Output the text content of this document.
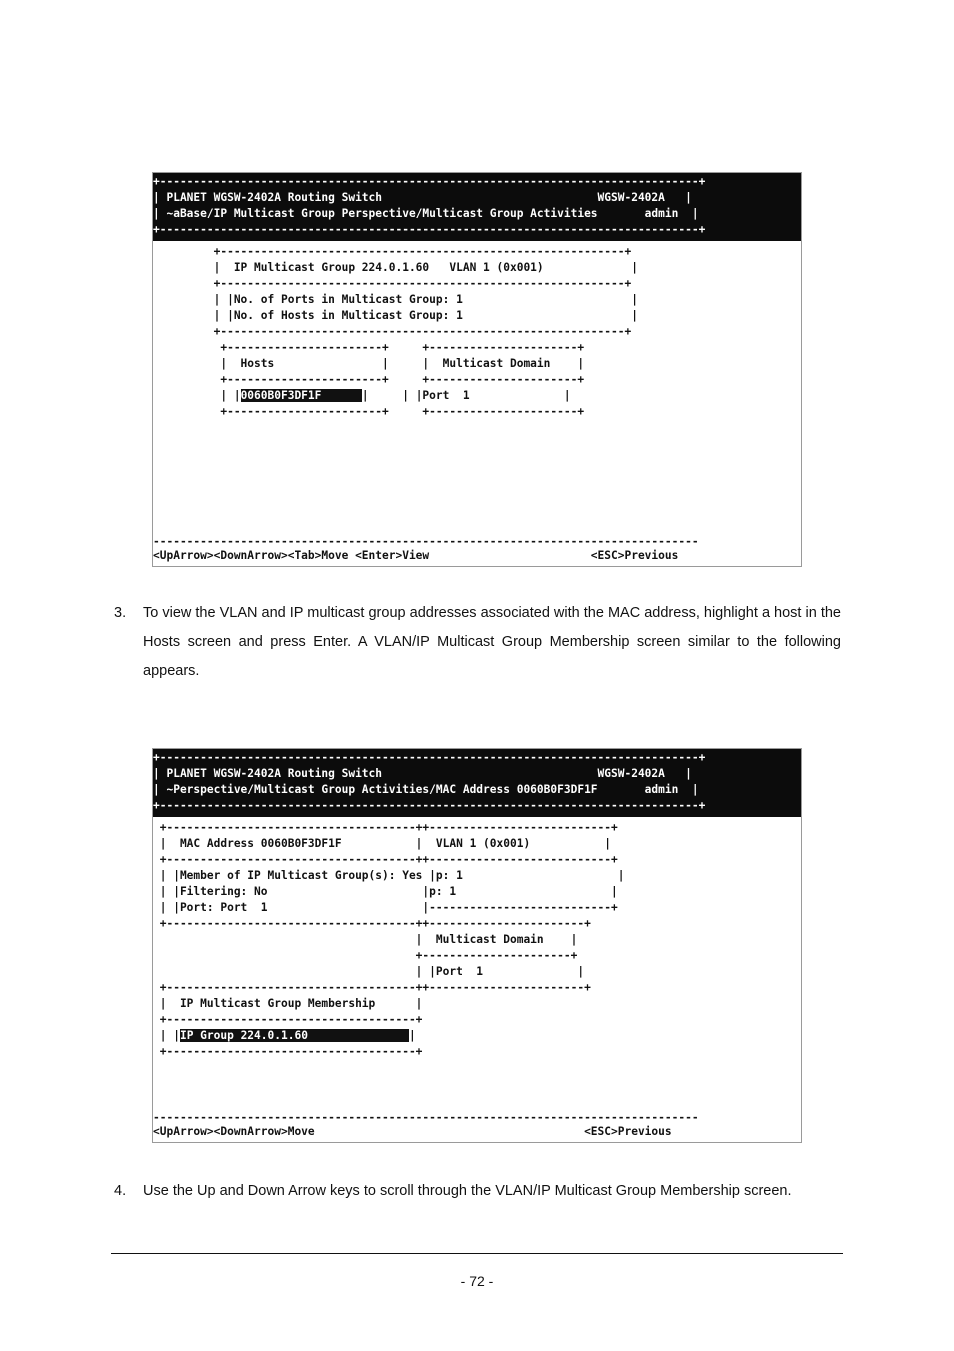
+--------------------------------------------------------------------------------+
| PLANET WGSW-2402A Routing Switch                                WGSW-2402A   |
| ~aBase/IP Multicast Group Perspective/Multicast Group Activities       admin  |
+--------------------------------------------------------------------------------+
+------------------------------------------------------------+
|  IP Multicast Group 224.0.1.60   VLAN 1 (0x001)             |
+------------------------------------------------------------+
| |No. of Ports in Multicast Group: 1                         |
| |No. of Hosts in Multicast Group: 1                         |
+------------------------------------------------------------+
+-----------------------+     +----------------------+
|  Hosts                |     |  Multicast Domain    |
+-----------------------+     +----------------------+
| |0060B0F3DF1F      |     | |Port  1              |
+-----------------------+     +----------------------+
---------------------------------------------------------------------------------
<UpArrow><DownArrow><Tab>Move <Enter>View                        <ESC>Previous
3. To view the VLAN and IP multicast group addresses associated with the MAC address, highlight a host in the Hosts screen and press Enter. A VLAN/IP Multicast Group Membership screen similar to the following appears.
+--------------------------------------------------------------------------------+
| PLANET WGSW-2402A Routing Switch                                WGSW-2402A   |
| ~Perspective/Multicast Group Activities/MAC Address 0060B0F3DF1F       admin  |
+--------------------------------------------------------------------------------+
+-------------------------------------++---------------------------+
|  MAC Address 0060B0F3DF1F           |  VLAN 1 (0x001)           |
+-------------------------------------++---------------------------+
| |Member of IP Multicast Group(s): Yes |p: 1                       |
| |Filtering: No                       |p: 1                       |
| |Port: Port  1                       |---------------------------+
+-------------------------------------++-----------------------+
|  Multicast Domain    |
+----------------------+
| |Port  1              |
+-------------------------------------++-----------------------+
|  IP Multicast Group Membership      |
+-------------------------------------+
| |IP Group 224.0.1.60               |
+-------------------------------------+
---------------------------------------------------------------------------------
<UpArrow><DownArrow>Move                                        <ESC>Previous
4. Use the Up and Down Arrow keys to scroll through the VLAN/IP Multicast Group Membership screen.
- 72 -
